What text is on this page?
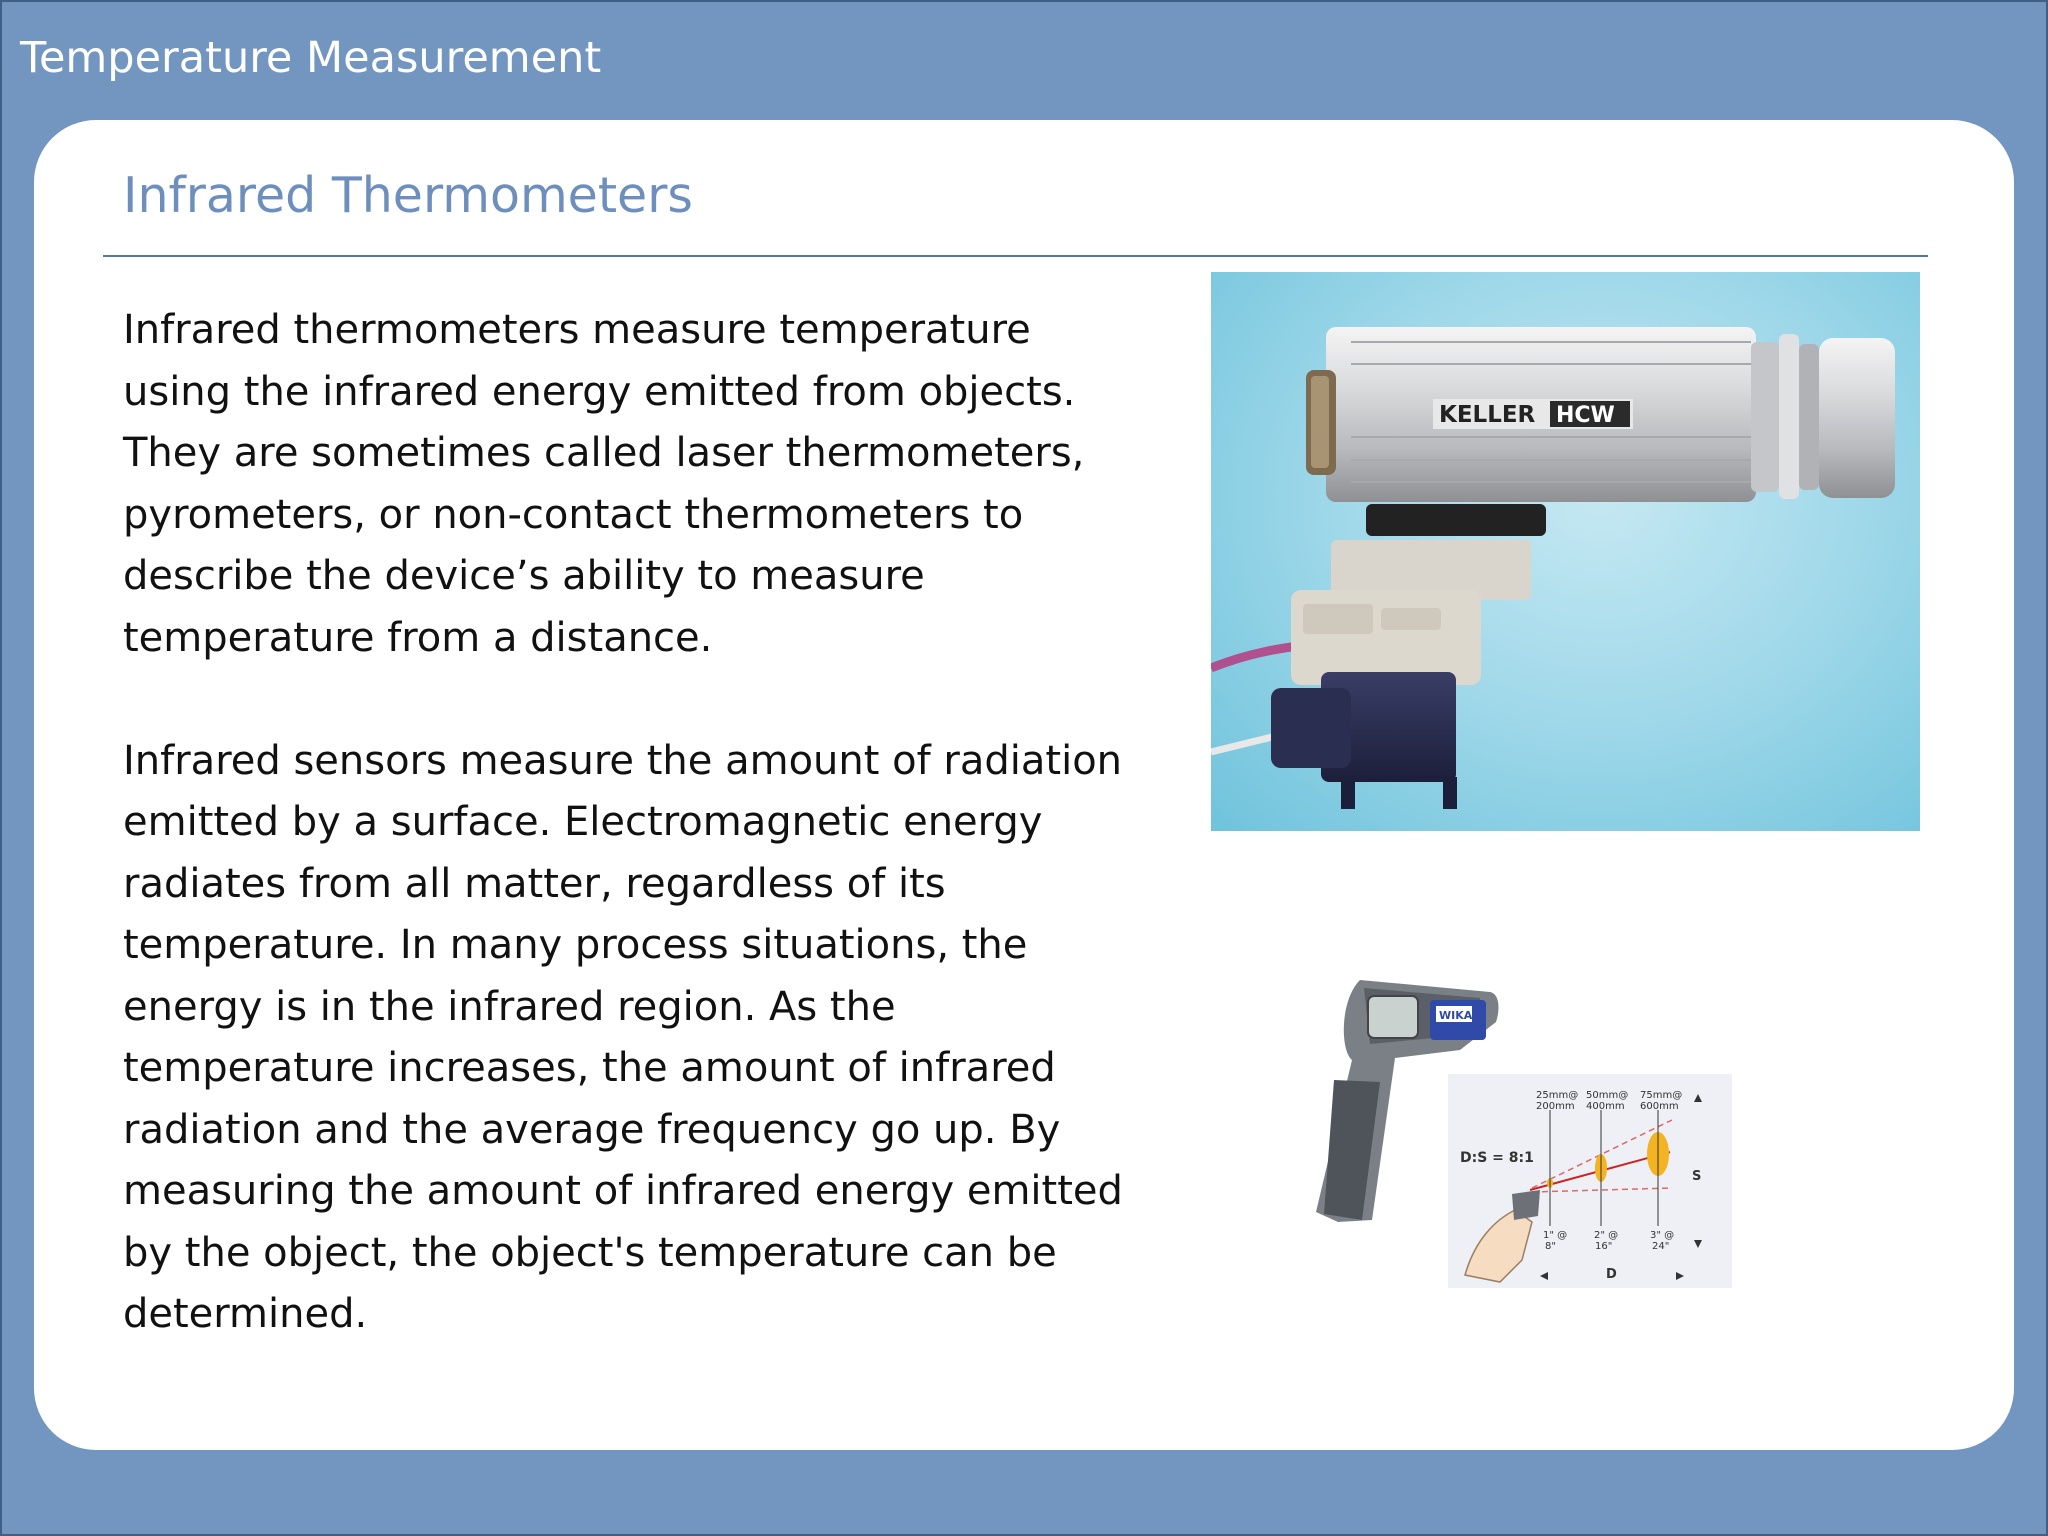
Temperature Measurement
Infrared Thermometers

Infrared thermometers measure temperature using the infrared energy emitted from objects. They are sometimes called laser thermometers, pyrometers, or non-contact thermometers to describe the device’s ability to measure temperature from a distance.

Infrared sensors measure the amount of radiation emitted by a surface. Electromagnetic energy radiates from all matter, regardless of its temperature. In many process situations, the energy is in the infrared region. As the temperature increases, the amount of infrared radiation and the average frequency go up. By measuring the amount of infrared energy emitted by the object, the object's temperature can be determined.

KELLER HCW
WIKA
25mm@
200mm
50mm@
400mm
75mm@
600mm
D:S = 8:1
1" @
8"
2" @
16"
3" @
24"
S
D
